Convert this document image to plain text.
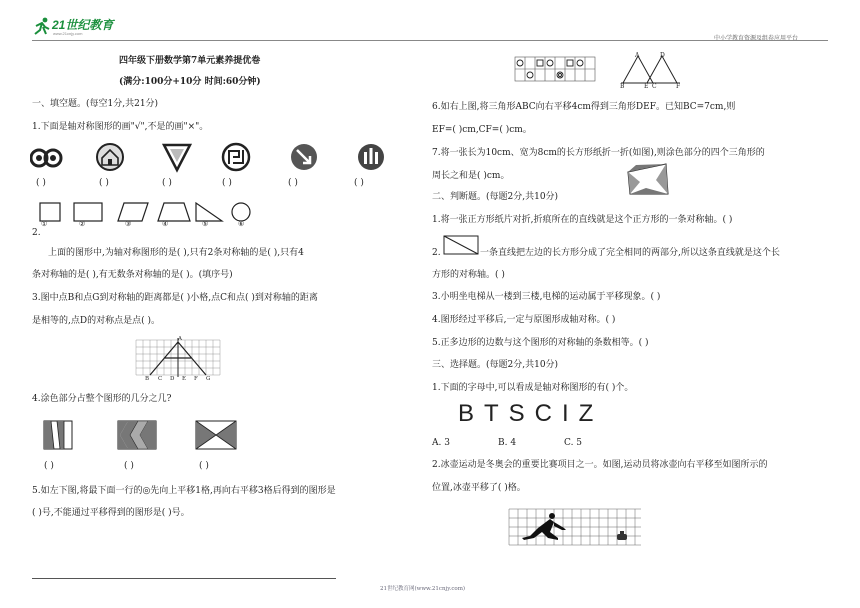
21世纪教育
www.21cnjy.com
中小学教育资源及组卷应用平台
四年级下册数学第7单元素养提优卷
(满分:100分+10分 时间:60分钟)
一、填空题。(每空1分,共21分)
1.下面是轴对称图形的画"√",不是的画"×"。
( )	( )	( )	( )	( )	( )
2.
①	②	③	④	⑤	⑥
上面的图形中,为轴对称图形的是( ),只有2条对称轴的是( ),只有4
条对称轴的是( ),有无数条对称轴的是( )。(填序号)
3.图中点B和点G到对称轴的距离都是( )小格,点C和点( )到对称轴的距离
是相等的,点D的对称点是点( )。
A
B C D E F G
4.涂色部分占整个图形的几分之几?
( )	( )	( )
5.如左下图,将最下面一行的◎先向上平移1格,再向右平移3格后得到的图形是
( )号,不能通过平移得到的图形是( )号。
A	D
B	E C	F
6.如右上图,将三角形ABC向右平移4cm得到三角形DEF。已知BC=7cm,则
EF=( )cm,CF=( )cm。
7.将一张长为10cm、宽为8cm的长方形纸折一折(如图),则涂色部分的四个三角形的
周长之和是( )cm。
二、判断题。(每题2分,共10分)
1.将一张正方形纸片对折,折痕所在的直线就是这个正方形的一条对称轴。( )
2.	一条直线把左边的长方形分成了完全相同的两部分,所以这条直线就是这个长
方形的对称轴。( )
3.小明坐电梯从一楼到三楼,电梯的运动属于平移现象。( )
4.图形经过平移后,一定与原图形成轴对称。( )
5.正多边形的边数与这个图形的对称轴的条数相等。( )
三、选择题。(每题2分,共10分)
1.下面的字母中,可以看成是轴对称图形的有( )个。
BTSCIZ
A. 3	B. 4	C. 5
2.冰壶运动是冬奥会的重要比赛项目之一。如图,运动员将冰壶向右平移至如图所示的
位置,冰壶平移了( )格。
21世纪教育网(www.21cnjy.com)
